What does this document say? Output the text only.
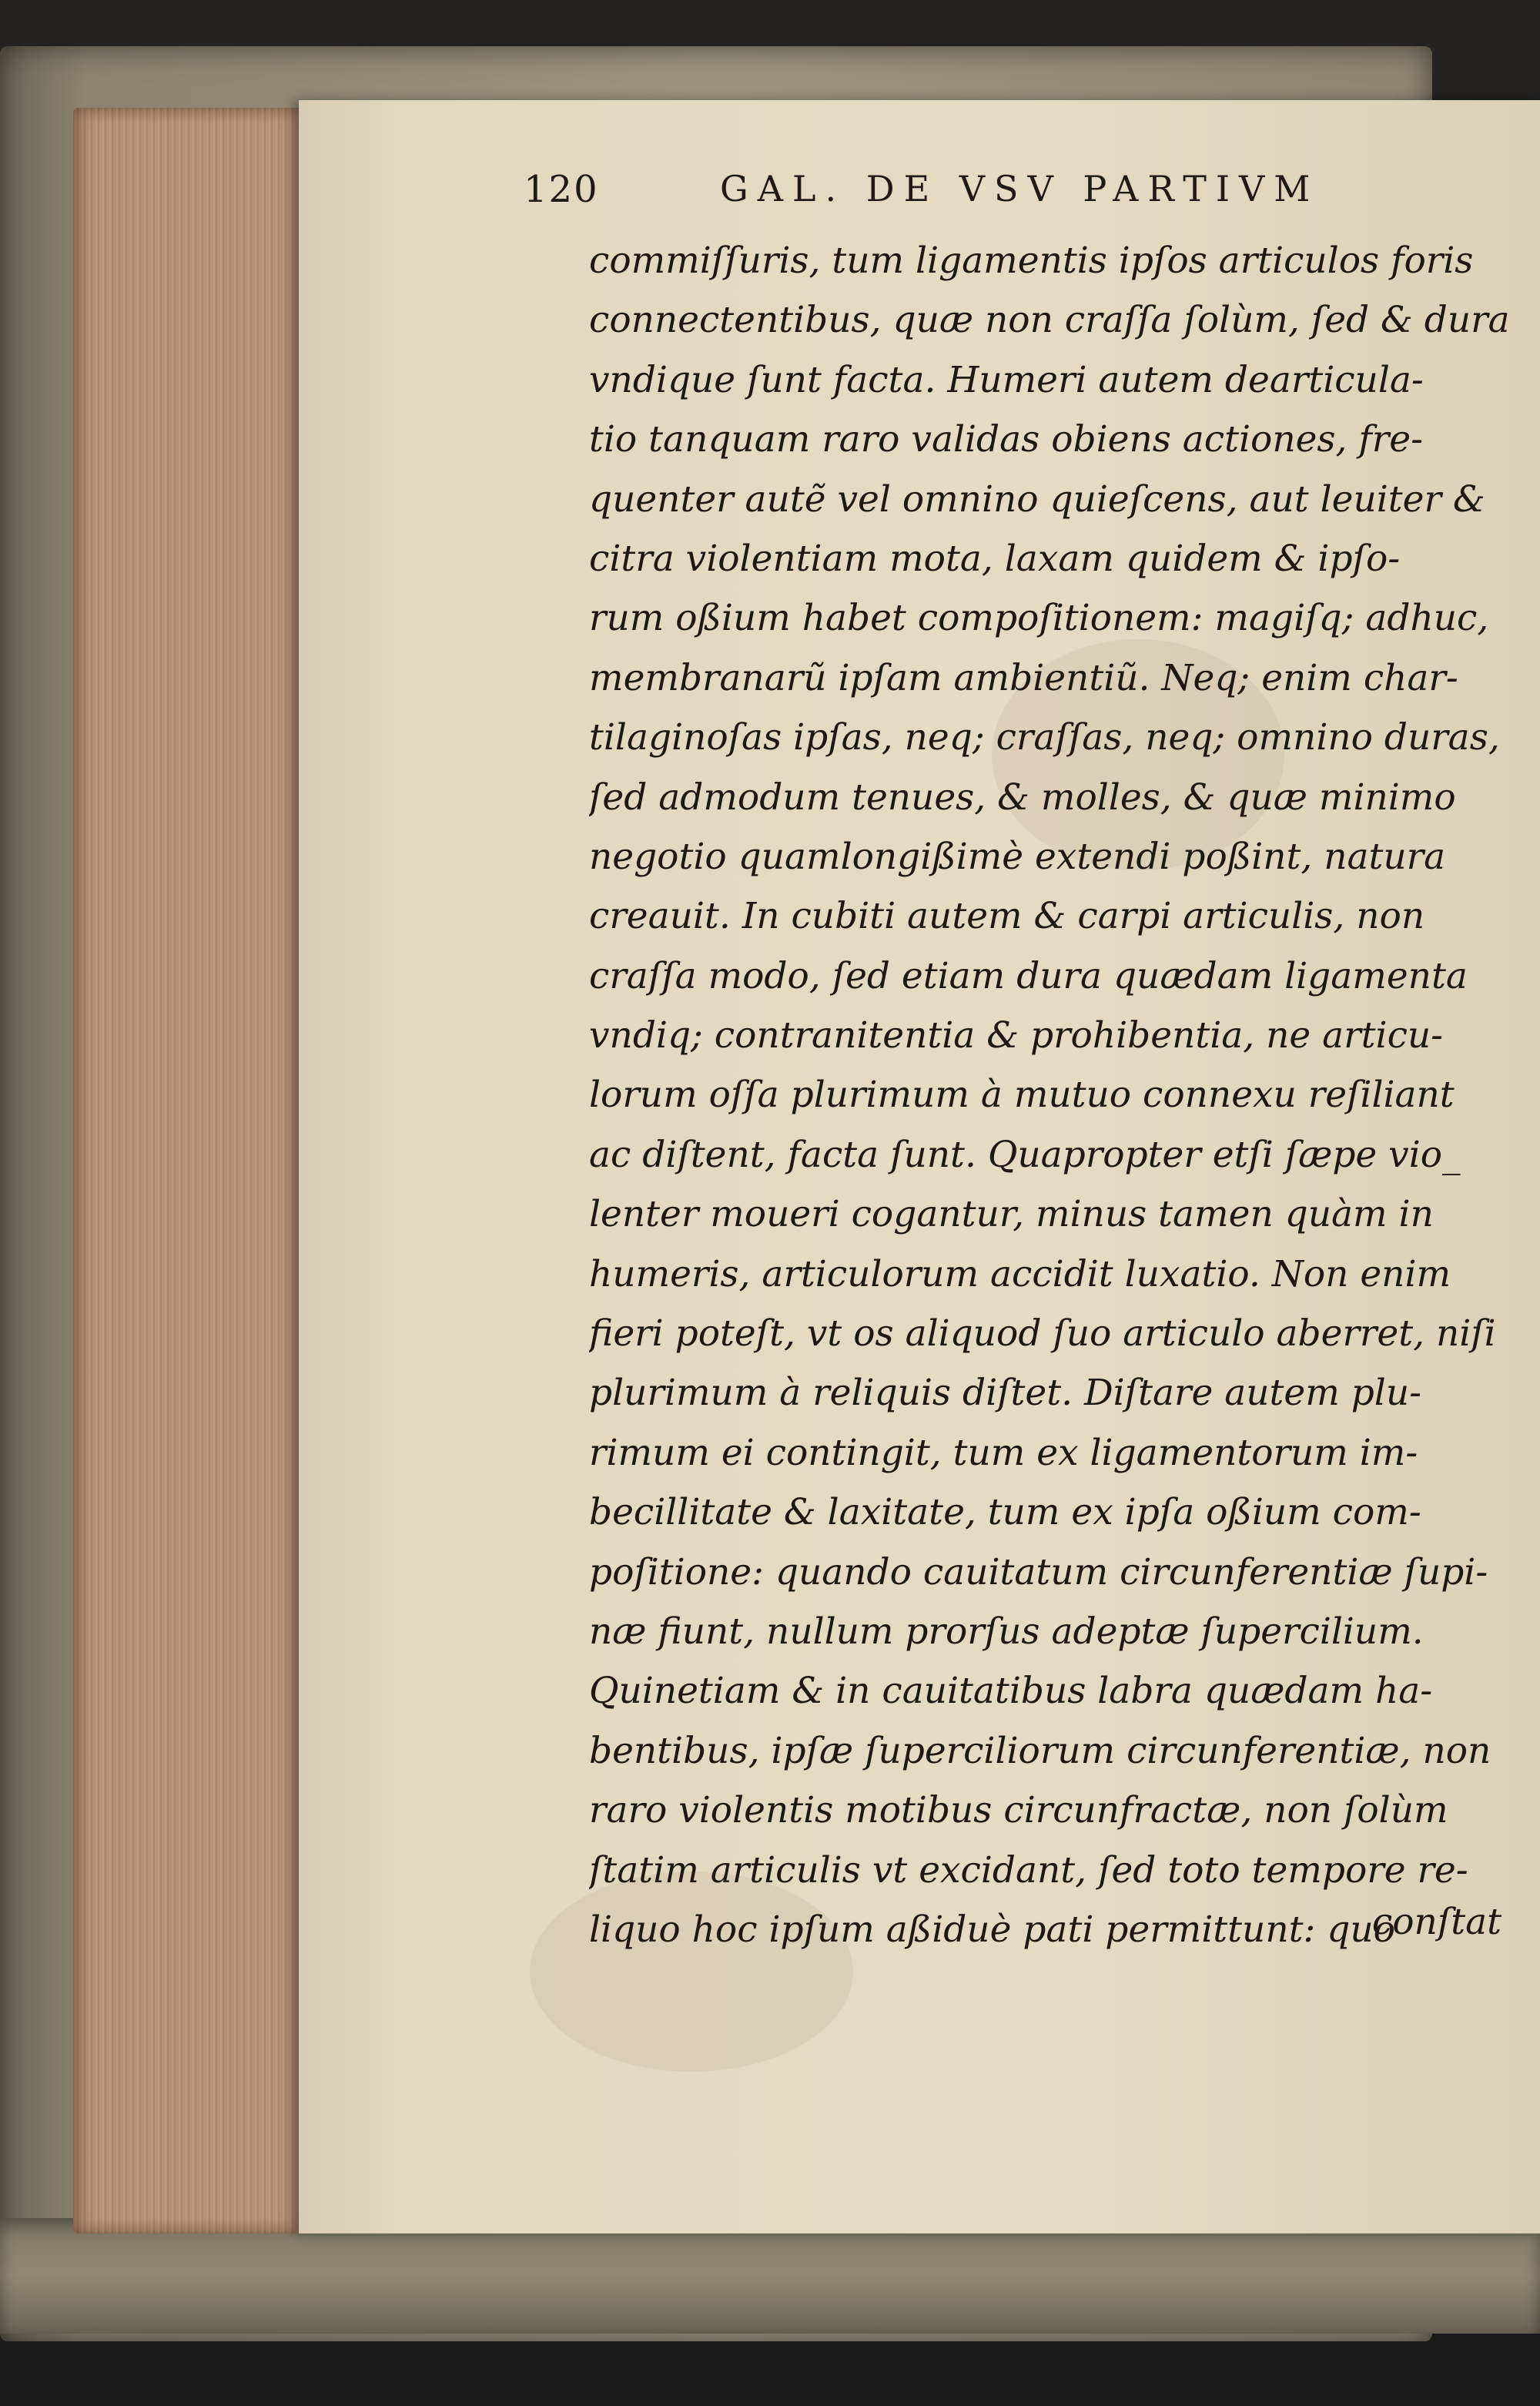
120	GAL. DE VSV PARTIVM
commiſſuris, tum ligamentis ipſos articulos foris
connectentibus, quæ non craſſa ſolùm, ſed & dura
vndique ſunt facta. Humeri autem dearticula-
tio tanquam raro validas obiens actiones, fre-
quenter autẽ vel omnino quieſcens, aut leuiter &
citra violentiam mota, laxam quidem & ipſo-
rum oßium habet compoſitionem: magiſq; adhuc,
membranarũ ipſam ambientiũ. Neq; enim char-
tilaginoſas ipſas, neq; craſſas, neq; omnino duras,
ſed admodum tenues, & molles, & quæ minimo
negotio quamlongißimè extendi poßint, natura
creauit. In cubiti autem & carpi articulis, non
craſſa modo, ſed etiam dura quædam ligamenta
vndiq; contranitentia & prohibentia, ne articu-
lorum oſſa plurimum à mutuo connexu reſiliant
ac diſtent, facta ſunt. Quapropter etſi ſæpe vio_
lenter moueri cogantur, minus tamen quàm in
humeris, articulorum accidit luxatio. Non enim
fieri poteſt, vt os aliquod ſuo articulo aberret, niſi
plurimum à reliquis diſtet. Diſtare autem plu-
rimum ei contingit, tum ex ligamentorum im-
becillitate & laxitate, tum ex ipſa oßium com-
poſitione: quando cauitatum circunferentiæ ſupi-
næ fiunt, nullum prorſus adeptæ ſupercilium.
Quinetiam & in cauitatibus labra quædam ha-
bentibus, ipſæ ſuperciliorum circunferentiæ, non
raro violentis motibus circunfractæ, non ſolùm
ſtatim articulis vt excidant, ſed toto tempore re-
liquo hoc ipſum aßiduè pati permittunt: quo
conſtat
